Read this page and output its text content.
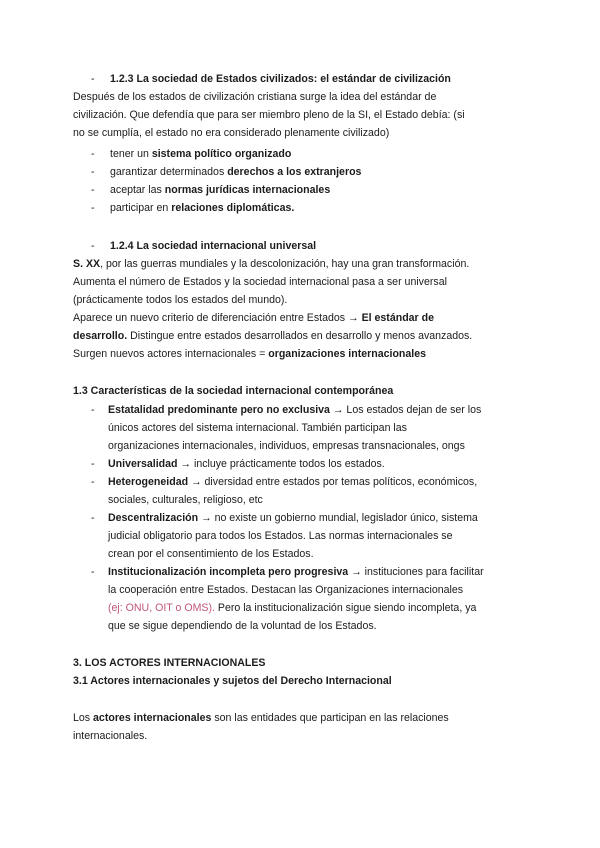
- 1.2.3 La sociedad de Estados civilizados: el estándar de civilización
Después de los estados de civilización cristiana surge la idea del estándar de
civilización. Que defendía que para ser miembro pleno de la SI, el Estado debía: (si
no se cumplía, el estado no era considerado plenamente civilizado)
- tener un sistema político organizado
- garantizar determinados derechos a los extranjeros
- aceptar las normas jurídicas internacionales
- participar en relaciones diplomáticas.
- 1.2.4 La sociedad internacional universal
S. XX, por las guerras mundiales y la descolonización, hay una gran transformación.
Aumenta el número de Estados y la sociedad internacional pasa a ser universal
(prácticamente todos los estados del mundo).
Aparece un nuevo criterio de diferenciación entre Estados → El estándar de
desarrollo. Distingue entre estados desarrollados en desarrollo y menos avanzados.
Surgen nuevos actores internacionales = organizaciones internacionales
1.3 Características de la sociedad internacional contemporánea
- Estatalidad predominante pero no exclusiva → Los estados dejan de ser los
únicos actores del sistema internacional. También participan las
organizaciones internacionales, individuos, empresas transnacionales, ongs
- Universalidad → incluye prácticamente todos los estados.
- Heterogeneidad → diversidad entre estados por temas políticos, económicos,
sociales, culturales, religioso, etc
- Descentralización → no existe un gobierno mundial, legislador único, sistema
judicial obligatorio para todos los Estados. Las normas internacionales se
crean por el consentimiento de los Estados.
- Institucionalización incompleta pero progresiva → instituciones para facilitar
la cooperación entre Estados. Destacan las Organizaciones internacionales
(ej: ONU, OIT o OMS). Pero la institucionalización sigue siendo incompleta, ya
que se sigue dependiendo de la voluntad de los Estados.
3. LOS ACTORES INTERNACIONALES
3.1 Actores internacionales y sujetos del Derecho Internacional
Los actores internacionales son las entidades que participan en las relaciones
internacionales.
